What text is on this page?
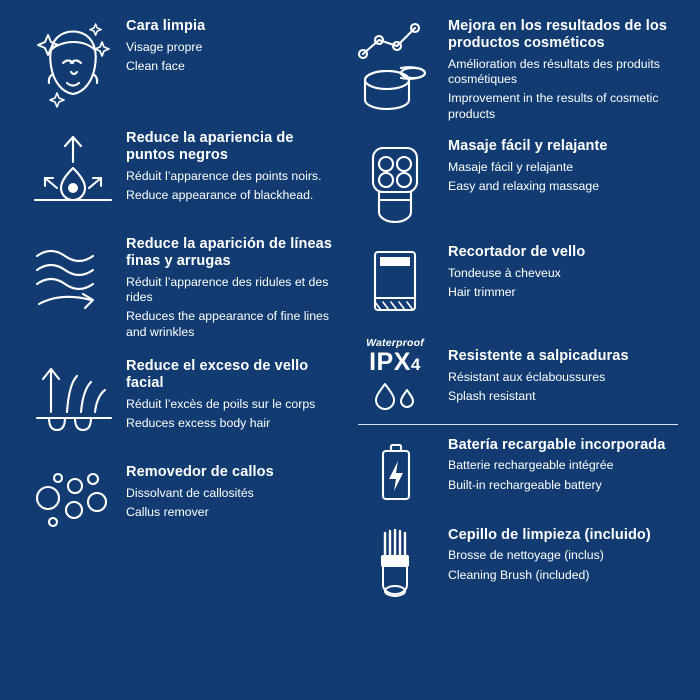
Cara limpia

Visage propre

Clean face

Reduce la apariencia de puntos negros

Réduit l’apparence des points noirs.

Reduce appearance of blackhead.

Reduce la aparición de líneas finas y arrugas

Réduit l’apparence des ridules et des rides

Reduces the appearance of fine lines and wrinkles

Reduce el exceso de vello facial

Réduit l’excès de poils sur le corps

Reduces excess body hair

Removedor de callos

Dissolvant de callosités

Callus remover

Mejora en los resultados de los productos cosméticos

Amélioration des résultats des produits cosmétiques

Improvement in the results of cosmetic products

Masaje fácil y relajante

Masaje fácil y relajante

Easy and relaxing massage

Recortador de vello

Tondeuse à cheveux

Hair trimmer

Waterproof
IPX4	Resistente a salpicaduras

Résistant aux éclaboussures

Splash resistant

Batería recargable incorporada

Batterie rechargeable intégrée

Built-in rechargeable battery

Cepillo de limpieza (incluido)

Brosse de nettoyage (inclus)

Cleaning Brush (included)
